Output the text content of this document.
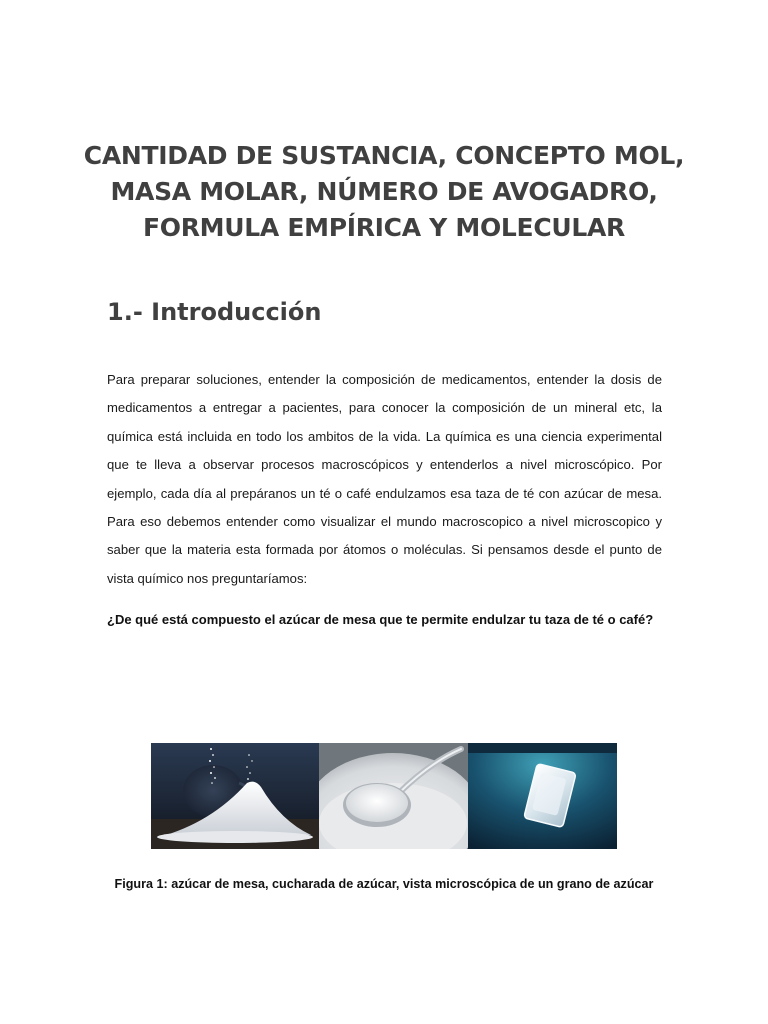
CANTIDAD DE SUSTANCIA, CONCEPTO MOL,
MASA MOLAR, NÚMERO DE AVOGADRO,
FORMULA EMPÍRICA Y MOLECULAR
1.- Introducción

Para preparar soluciones, entender la composición de medicamentos, entender la dosis de
medicamentos a entregar a pacientes, para conocer la composición de un mineral etc, la
química está incluida en todo los ambitos de la vida. La química es una ciencia experimental
que te lleva a observar procesos macroscópicos y entenderlos a nivel microscópico. Por
ejemplo, cada día al prepáranos un té o café endulzamos esa taza de té con azúcar de mesa.
Para eso debemos entender como visualizar el mundo macroscopico a nivel microscopico y
saber que la materia esta formada por átomos o moléculas. Si pensamos desde el punto de
vista químico nos preguntaríamos:

¿De qué está compuesto el azúcar de mesa que te permite endulzar tu taza de té o café?

Figura 1: azúcar de mesa, cucharada de azúcar, vista microscópica de un grano de azúcar
